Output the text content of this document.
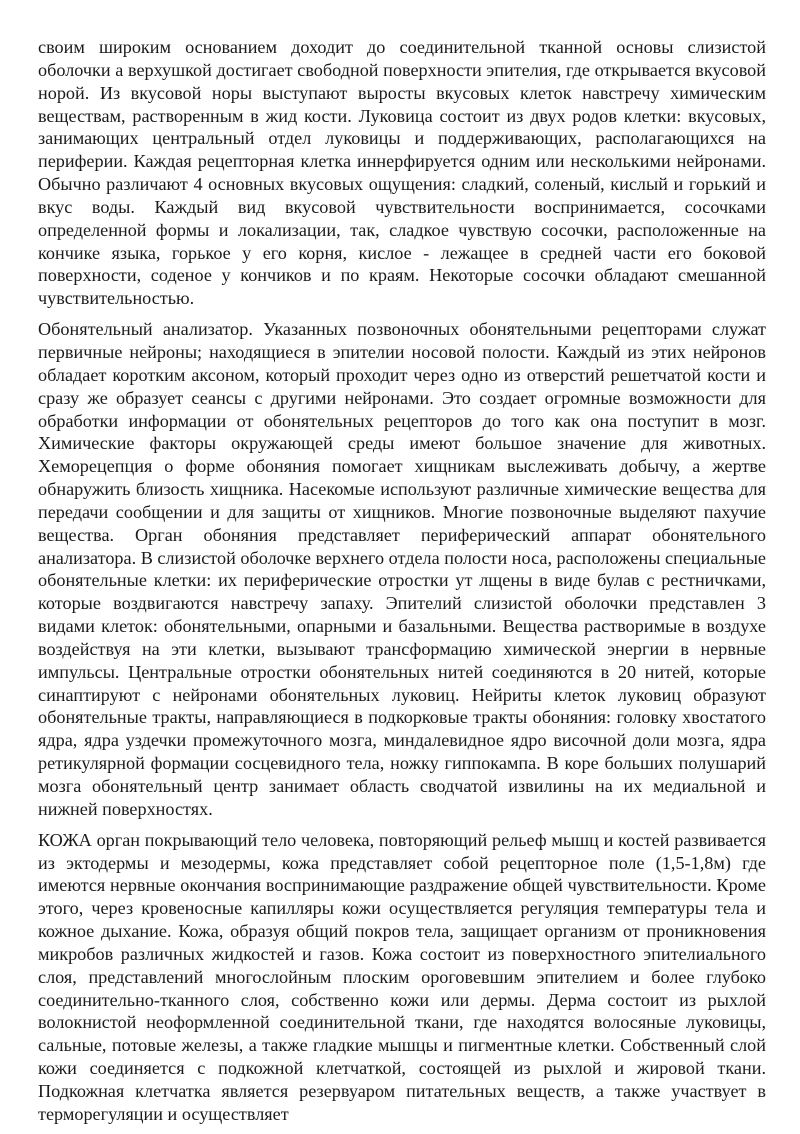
своим широким основанием доходит до соединительной тканной основы слизистой оболочки а верхушкой достигает свободной поверхности эпителия, где открывается вкусовой норой. Из вкусовой норы выступают выросты вкусовых клеток навстречу химическим веществам, растворенным в жид кости. Луковица состоит из двух родов клетки: вкусовых, занимающих центральный отдел луковицы и поддерживающих, располагающихся на периферии. Каждая рецепторная клетка иннерфируется одним или несколькими нейронами. Обычно различают 4 основных вкусовых ощущения: сладкий, соленый, кислый и горький и вкус воды. Каждый вид вкусовой чувствительности воспринимается, сосочками определенной формы и локализации, так, сладкое чувствую сосочки, расположенные на кончике языка, горькое у его корня, кислое - лежащее в средней части его боковой поверхности, соденое у кончиков и по краям. Некоторые сосочки обладают смешанной чувствительностью.

Обонятельный анализатор. Указанных позвоночных обонятельными рецепторами служат первичные нейроны; находящиеся в эпителии носовой полости. Каждый из этих нейронов обладает коротким аксоном, который проходит через одно из отверстий решетчатой кости и сразу же образует сеансы с другими нейронами. Это создает огромные возможности для обработки информации от обонятельных рецепторов до того как она поступит в мозг. Химические факторы окружающей среды имеют большое значение для животных. Хеморецепция о форме обоняния помогает хищникам выслеживать добычу, а жертве обнаружить близость хищника. Насекомые используют различные химические вещества для передачи сообщении и для защиты от хищников. Многие позвоночные выделяют пахучие вещества. Орган обоняния представляет периферический аппарат обонятельного анализатора. В слизистой оболочке верхнего отдела полости носа, расположены специальные обонятельные клетки: их периферические отростки ут лщены в виде булав с рестничками, которые воздвигаются навстречу запаху. Эпителий слизистой оболочки представлен 3 видами клеток: обонятельными, опарными и базальными. Вещества растворимые в воздухе воздействуя на эти клетки, вызывают трансформацию химической энергии в нервные импульсы. Центральные отростки обонятельных нитей соединяются в 20 нитей, которые синаптируют с нейронами обонятельных луковиц. Нейриты клеток луковиц образуют обонятельные тракты, направляющиеся в подкорковые тракты обоняния: головку хвостатого ядра, ядра уздечки промежуточного мозга, миндалевидное ядро височной доли мозга, ядра ретикулярной формации сосцевидного тела, ножку гиппокампа. В коре больших полушарий мозга обонятельный центр занимает область сводчатой извилины на их медиальной и нижней поверхностях.

КОЖА орган покрывающий тело человека, повторяющий рельеф мышц и костей развивается из эктодермы и мезодермы, кожа представляет собой рецепторное поле (1,5-1,8м) где имеются нервные окончания воспринимающие раздражение общей чувствительности. Кроме этого, через кровеносные капилляры кожи осуществляется регуляция температуры тела и кожное дыхание. Кожа, образуя общий покров тела, защищает организм от проникновения микробов различных жидкостей и газов. Кожа состоит из поверхностного эпителиального слоя, представлений многослойным плоским ороговевшим эпителием и более глубоко соединительно-тканного слоя, собственно кожи или дермы. Дерма состоит из рыхлой волокнистой неоформленной соединительной ткани, где находятся волосяные луковицы, сальные, потовые железы, а также гладкие мышцы и пигментные клетки. Собственный слой кожи соединяется с подкожной клетчаткой, состоящей из рыхлой и жировой ткани. Подкожная клетчатка является резервуаром питательных веществ, а также участвует в терморегуляции и осуществляет
